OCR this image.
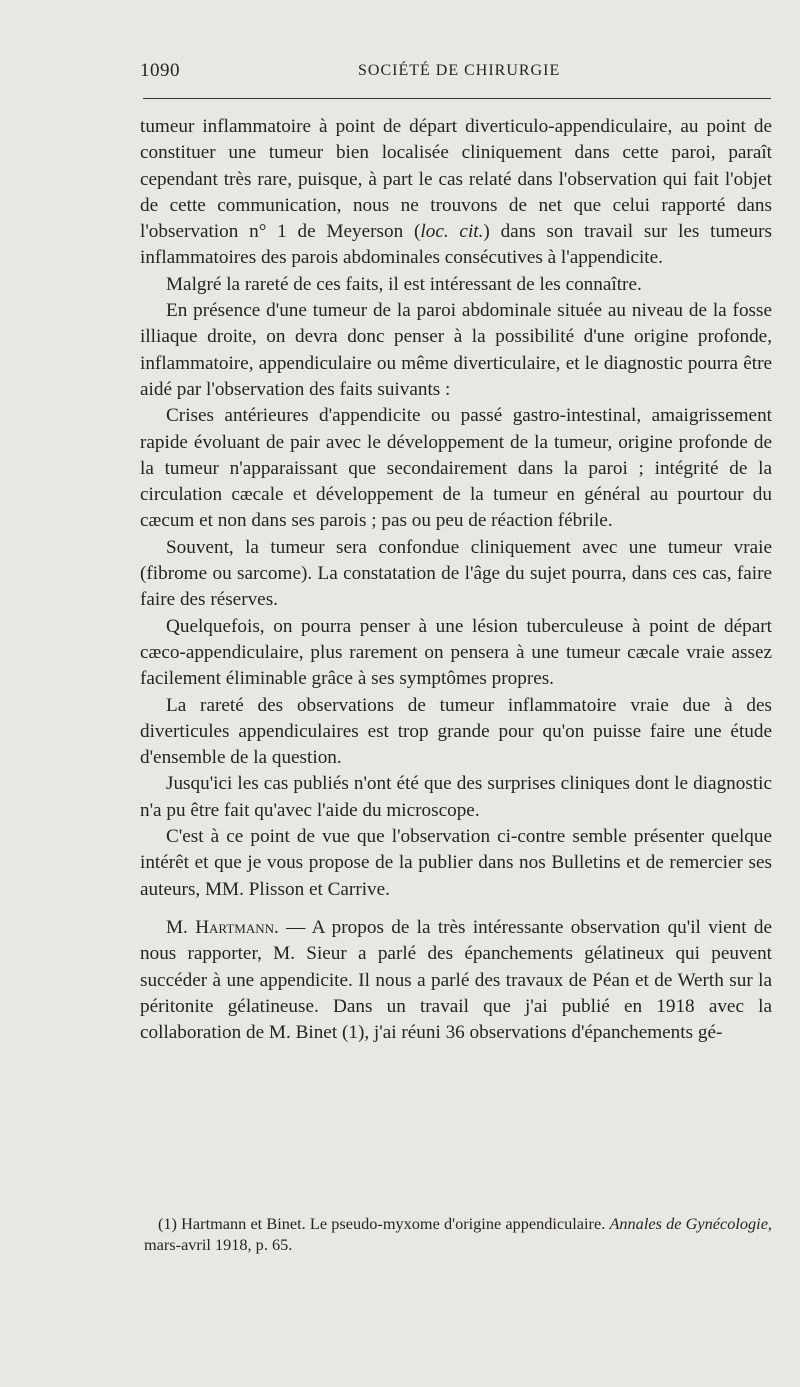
1090	SOCIÉTÉ DE CHIRURGIE

tumeur inflammatoire à point de départ diverticulo-appendiculaire, au point de constituer une tumeur bien localisée cliniquement dans cette paroi, paraît cependant très rare, puisque, à part le cas relaté dans l'observation qui fait l'objet de cette communication, nous ne trouvons de net que celui rapporté dans l'observation n° 1 de Meyerson (loc. cit.) dans son travail sur les tumeurs inflammatoires des parois abdominales consécutives à l'appendicite.

Malgré la rareté de ces faits, il est intéressant de les connaître.

En présence d'une tumeur de la paroi abdominale située au niveau de la fosse illiaque droite, on devra donc penser à la possibilité d'une origine profonde, inflammatoire, appendiculaire ou même diverticulaire, et le diagnostic pourra être aidé par l'observation des faits suivants :

Crises antérieures d'appendicite ou passé gastro-intestinal, amaigrissement rapide évoluant de pair avec le développement de la tumeur, origine profonde de la tumeur n'apparaissant que secondairement dans la paroi ; intégrité de la circulation cæcale et développement de la tumeur en général au pourtour du cæcum et non dans ses parois ; pas ou peu de réaction fébrile.

Souvent, la tumeur sera confondue cliniquement avec une tumeur vraie (fibrome ou sarcome). La constatation de l'âge du sujet pourra, dans ces cas, faire faire des réserves.

Quelquefois, on pourra penser à une lésion tuberculeuse à point de départ cæco-appendiculaire, plus rarement on pensera à une tumeur cæcale vraie assez facilement éliminable grâce à ses symptômes propres.

La rareté des observations de tumeur inflammatoire vraie due à des diverticules appendiculaires est trop grande pour qu'on puisse faire une étude d'ensemble de la question.

Jusqu'ici les cas publiés n'ont été que des surprises cliniques dont le diagnostic n'a pu être fait qu'avec l'aide du microscope.

C'est à ce point de vue que l'observation ci-contre semble présenter quelque intérêt et que je vous propose de la publier dans nos Bulletins et de remercier ses auteurs, MM. Plisson et Carrive.

M. Hartmann. — A propos de la très intéressante observation qu'il vient de nous rapporter, M. Sieur a parlé des épanchements gélatineux qui peuvent succéder à une appendicite. Il nous a parlé des travaux de Péan et de Werth sur la péritonite gélatineuse. Dans un travail que j'ai publié en 1918 avec la collaboration de M. Binet (1), j'ai réuni 36 observations d'épanchements gé-

(1) Hartmann et Binet. Le pseudo-myxome d'origine appendiculaire. Annales de Gynécologie, mars-avril 1918, p. 65.
